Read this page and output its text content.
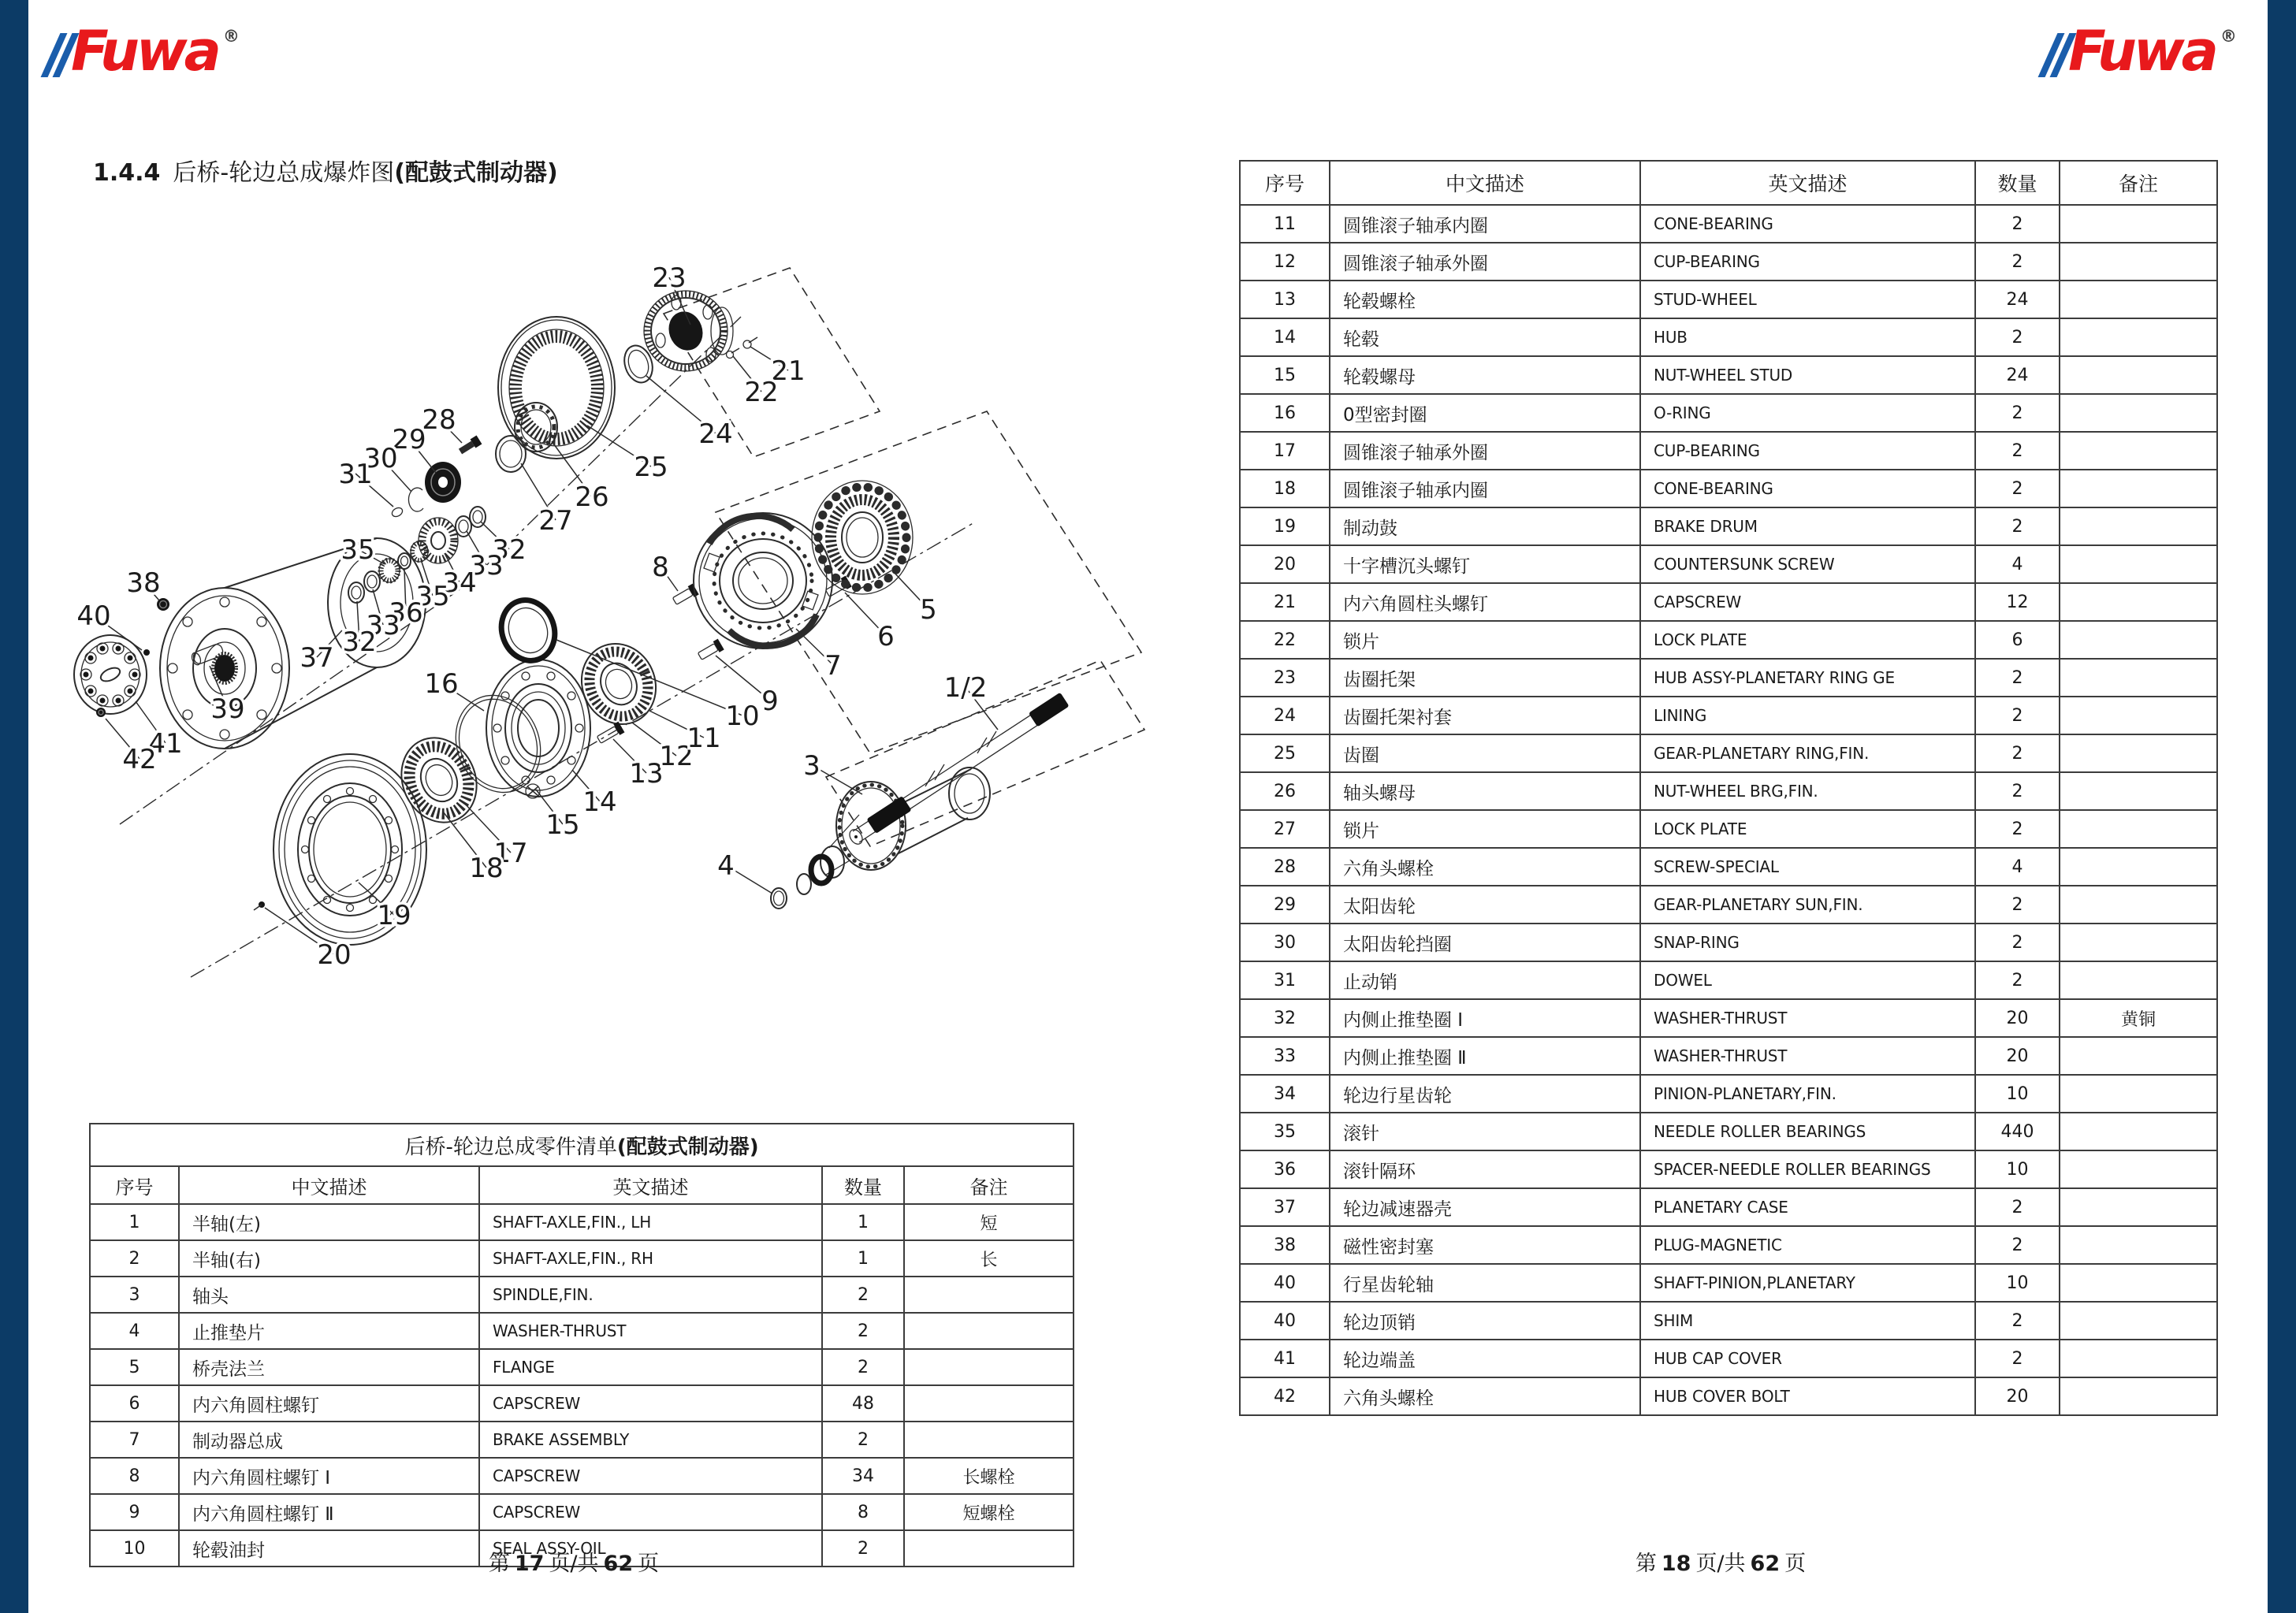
Fuwa ®	Fuwa ®
1.4.4 后桥-轮边总成爆炸图(配鼓式制动器)
23
21
22
24
25
26
27
28
29
30
31
32
33
34
35
35
36
33
32
37
38
40
39
41
42
19
20
16
17
18
15
14
13
12
11
10 9
8
5
6
7
3
4
1/2
后桥-轮边总成零件清单(配鼓式制动器)				
序号	中文描述	英文描述	数量	备注
1	半轴(左)	SHAFT-AXLE,FIN., LH	1	短
2	半轴(右)	SHAFT-AXLE,FIN., RH	1	长
3	轴头	SPINDLE,FIN.	2	
4	止推垫片	WASHER-THRUST	2	
5	桥壳法兰	FLANGE	2	
6	内六角圆柱螺钉	CAPSCREW	48	
7	制动器总成	BRAKE ASSEMBLY	2	
8	内六角圆柱螺钉 Ⅰ	CAPSCREW	34	长螺栓
9	内六角圆柱螺钉 Ⅱ	CAPSCREW	8	短螺栓
10	轮毂油封	SEAL ASSY-OIL	2	
序号	中文描述	英文描述	数量	备注
11	圆锥滚子轴承内圈	CONE-BEARING	2	
12	圆锥滚子轴承外圈	CUP-BEARING	2	
13	轮毂螺栓	STUD-WHEEL	24	
14	轮毂	HUB	2	
15	轮毂螺母	NUT-WHEEL STUD	24	
16	0型密封圈	O-RING	2	
17	圆锥滚子轴承外圈	CUP-BEARING	2	
18	圆锥滚子轴承内圈	CONE-BEARING	2	
19	制动鼓	BRAKE DRUM	2	
20	十字槽沉头螺钉	COUNTERSUNK SCREW	4	
21	内六角圆柱头螺钉	CAPSCREW	12	
22	锁片	LOCK PLATE	6	
23	齿圈托架	HUB ASSY-PLANETARY RING GE	2	
24	齿圈托架衬套	LINING	2	
25	齿圈	GEAR-PLANETARY RING,FIN.	2	
26	轴头螺母	NUT-WHEEL BRG,FIN.	2	
27	锁片	LOCK PLATE	2	
28	六角头螺栓	SCREW-SPECIAL	4	
29	太阳齿轮	GEAR-PLANETARY SUN,FIN.	2	
30	太阳齿轮挡圈	SNAP-RING	2	
31	止动销	DOWEL	2	
32	内侧止推垫圈 Ⅰ	WASHER-THRUST	20	黄铜
33	内侧止推垫圈 Ⅱ	WASHER-THRUST	20	
34	轮边行星齿轮	PINION-PLANETARY,FIN.	10	
35	滚针	NEEDLE ROLLER BEARINGS	440	
36	滚针隔环	SPACER-NEEDLE ROLLER BEARINGS	10	
37	轮边减速器壳	PLANETARY CASE	2	
38	磁性密封塞	PLUG-MAGNETIC	2	
40	行星齿轮轴	SHAFT-PINION,PLANETARY	10	
40	轮边顶销	SHIM	2	
41	轮边端盖	HUB CAP COVER	2	
42	六角头螺栓	HUB COVER BOLT	20	
第 17 页/共 62 页	第 18 页/共 62 页
